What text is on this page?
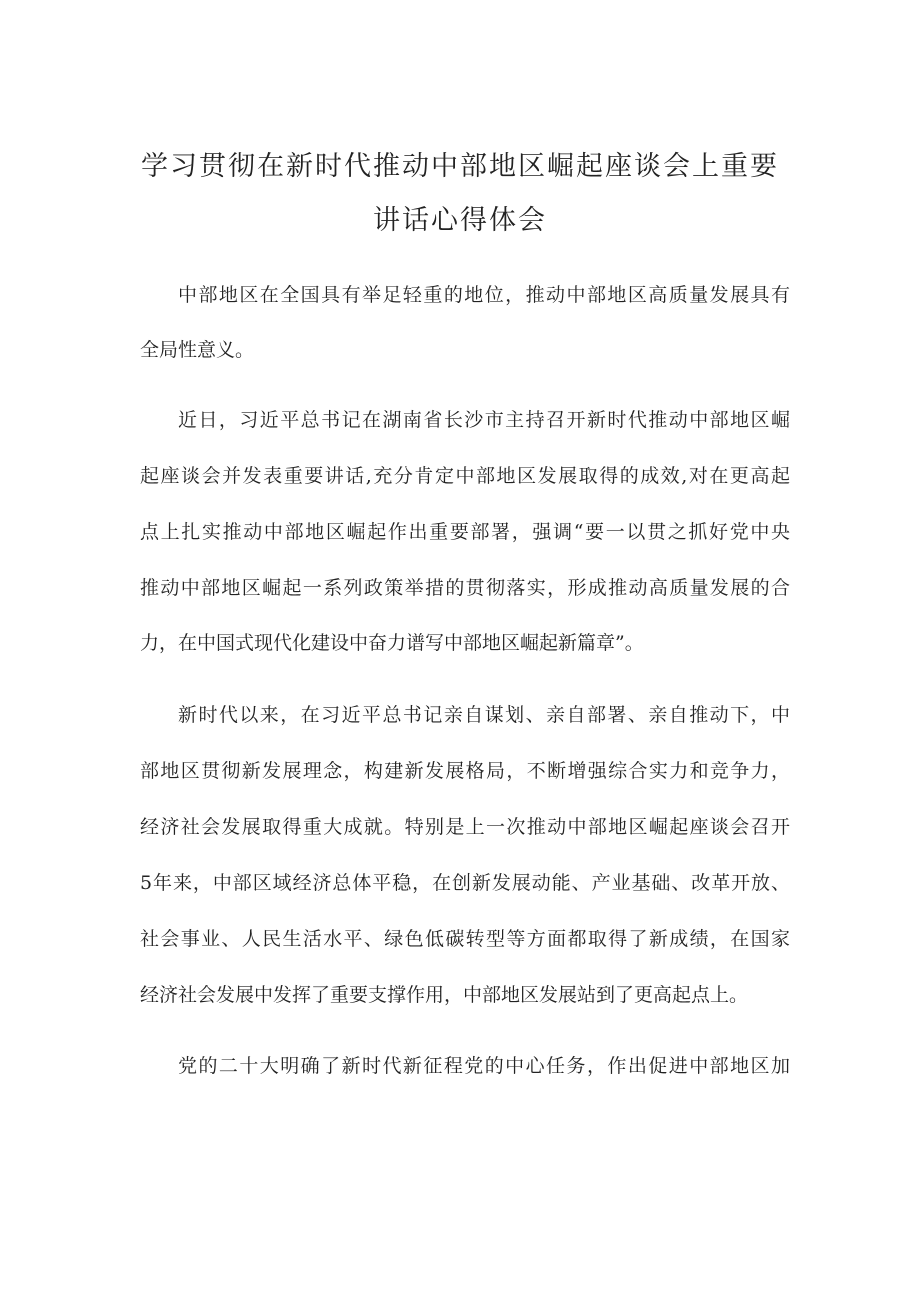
学习贯彻在新时代推动中部地区崛起座谈会上重要
讲话心得体会
中部地区在全国具有举足轻重的地位，推动中部地区高质量发展具有
全局性意义。
近日，习近平总书记在湖南省长沙市主持召开新时代推动中部地区崛
起座谈会并发表重要讲话,充分肯定中部地区发展取得的成效,对在更高起
点上扎实推动中部地区崛起作出重要部署，强调“要一以贯之抓好党中央
推动中部地区崛起一系列政策举措的贯彻落实，形成推动高质量发展的合
力，在中国式现代化建设中奋力谱写中部地区崛起新篇章”。
新时代以来，在习近平总书记亲自谋划、亲自部署、亲自推动下，中
部地区贯彻新发展理念，构建新发展格局，不断增强综合实力和竞争力，
经济社会发展取得重大成就。特别是上一次推动中部地区崛起座谈会召开
5年来，中部区域经济总体平稳，在创新发展动能、产业基础、改革开放、
社会事业、人民生活水平、绿色低碳转型等方面都取得了新成绩，在国家
经济社会发展中发挥了重要支撑作用，中部地区发展站到了更高起点上。
党的二十大明确了新时代新征程党的中心任务，作出促进中部地区加
